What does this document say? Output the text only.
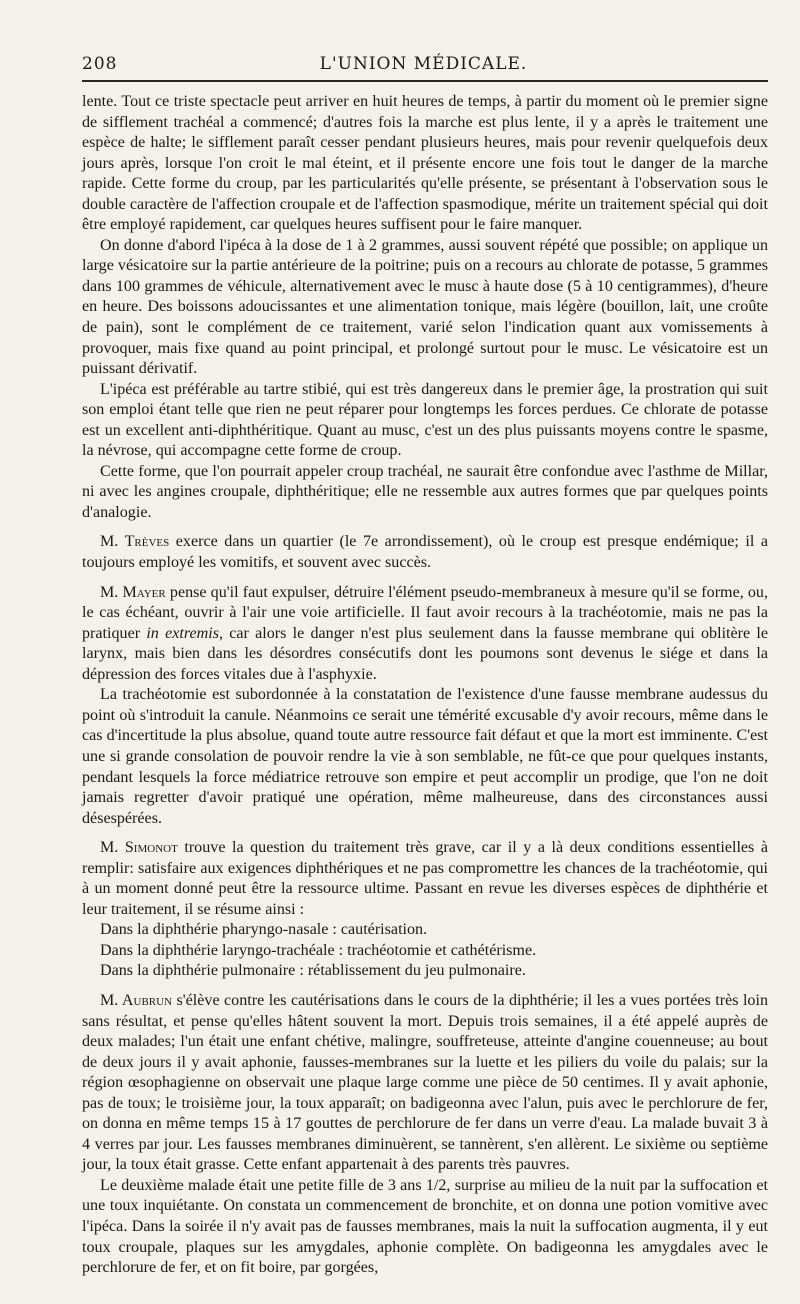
208	L'UNION MÉDICALE.

lente. Tout ce triste spectacle peut arriver en huit heures de temps, à partir du moment où le premier signe de sifflement trachéal a commencé; d'autres fois la marche est plus lente, il y a après le traitement une espèce de halte; le sifflement paraît cesser pendant plusieurs heures, mais pour revenir quelquefois deux jours après, lorsque l'on croit le mal éteint, et il présente encore une fois tout le danger de la marche rapide. Cette forme du croup, par les particularités qu'elle présente, se présentant à l'observation sous le double caractère de l'affection croupale et de l'affection spasmodique, mérite un traitement spécial qui doit être employé rapidement, car quelques heures suffisent pour le faire manquer.

On donne d'abord l'ipéca à la dose de 1 à 2 grammes, aussi souvent répété que possible; on applique un large vésicatoire sur la partie antérieure de la poitrine; puis on a recours au chlorate de potasse, 5 grammes dans 100 grammes de véhicule, alternativement avec le musc à haute dose (5 à 10 centigrammes), d'heure en heure. Des boissons adoucissantes et une alimentation tonique, mais légère (bouillon, lait, une croûte de pain), sont le complément de ce traitement, varié selon l'indication quant aux vomissements à provoquer, mais fixe quand au point principal, et prolongé surtout pour le musc. Le vésicatoire est un puissant dérivatif.

L'ipéca est préférable au tartre stibié, qui est très dangereux dans le premier âge, la prostration qui suit son emploi étant telle que rien ne peut réparer pour longtemps les forces perdues. Ce chlorate de potasse est un excellent anti-diphthéritique. Quant au musc, c'est un des plus puissants moyens contre le spasme, la névrose, qui accompagne cette forme de croup.

Cette forme, que l'on pourrait appeler croup trachéal, ne saurait être confondue avec l'asthme de Millar, ni avec les angines croupale, diphthéritique; elle ne ressemble aux autres formes que par quelques points d'analogie.

M. Trèves exerce dans un quartier (le 7e arrondissement), où le croup est presque endémique; il a toujours employé les vomitifs, et souvent avec succès.

M. Mayer pense qu'il faut expulser, détruire l'élément pseudo-membraneux à mesure qu'il se forme, ou, le cas échéant, ouvrir à l'air une voie artificielle. Il faut avoir recours à la trachéotomie, mais ne pas la pratiquer in extremis, car alors le danger n'est plus seulement dans la fausse membrane qui oblitère le larynx, mais bien dans les désordres consécutifs dont les poumons sont devenus le siége et dans la dépression des forces vitales due à l'asphyxie.

La trachéotomie est subordonnée à la constatation de l'existence d'une fausse membrane audessus du point où s'introduit la canule. Néanmoins ce serait une témérité excusable d'y avoir recours, même dans le cas d'incertitude la plus absolue, quand toute autre ressource fait défaut et que la mort est imminente. C'est une si grande consolation de pouvoir rendre la vie à son semblable, ne fût-ce que pour quelques instants, pendant lesquels la force médiatrice retrouve son empire et peut accomplir un prodige, que l'on ne doit jamais regretter d'avoir pratiqué une opération, même malheureuse, dans des circonstances aussi désespérées.

M. Simonot trouve la question du traitement très grave, car il y a là deux conditions essentielles à remplir: satisfaire aux exigences diphthériques et ne pas compromettre les chances de la trachéotomie, qui à un moment donné peut être la ressource ultime. Passant en revue les diverses espèces de diphthérie et leur traitement, il se résume ainsi :

Dans la diphthérie pharyngo-nasale : cautérisation.

Dans la diphthérie laryngo-trachéale : trachéotomie et cathétérisme.

Dans la diphthérie pulmonaire : rétablissement du jeu pulmonaire.

M. Aubrun s'élève contre les cautérisations dans le cours de la diphthérie; il les a vues portées très loin sans résultat, et pense qu'elles hâtent souvent la mort. Depuis trois semaines, il a été appelé auprès de deux malades; l'un était une enfant chétive, malingre, souffreteuse, atteinte d'angine couenneuse; au bout de deux jours il y avait aphonie, fausses-membranes sur la luette et les piliers du voile du palais; sur la région œsophagienne on observait une plaque large comme une pièce de 50 centimes. Il y avait aphonie, pas de toux; le troisième jour, la toux apparaît; on badigeonna avec l'alun, puis avec le perchlorure de fer, on donna en même temps 15 à 17 gouttes de perchlorure de fer dans un verre d'eau. La malade buvait 3 à 4 verres par jour. Les fausses membranes diminuèrent, se tannèrent, s'en allèrent. Le sixième ou septième jour, la toux était grasse. Cette enfant appartenait à des parents très pauvres.

Le deuxième malade était une petite fille de 3 ans 1/2, surprise au milieu de la nuit par la suffocation et une toux inquiétante. On constata un commencement de bronchite, et on donna une potion vomitive avec l'ipéca. Dans la soirée il n'y avait pas de fausses membranes, mais la nuit la suffocation augmenta, il y eut toux croupale, plaques sur les amygdales, aphonie complète. On badigeonna les amygdales avec le perchlorure de fer, et on fit boire, par gorgées,
